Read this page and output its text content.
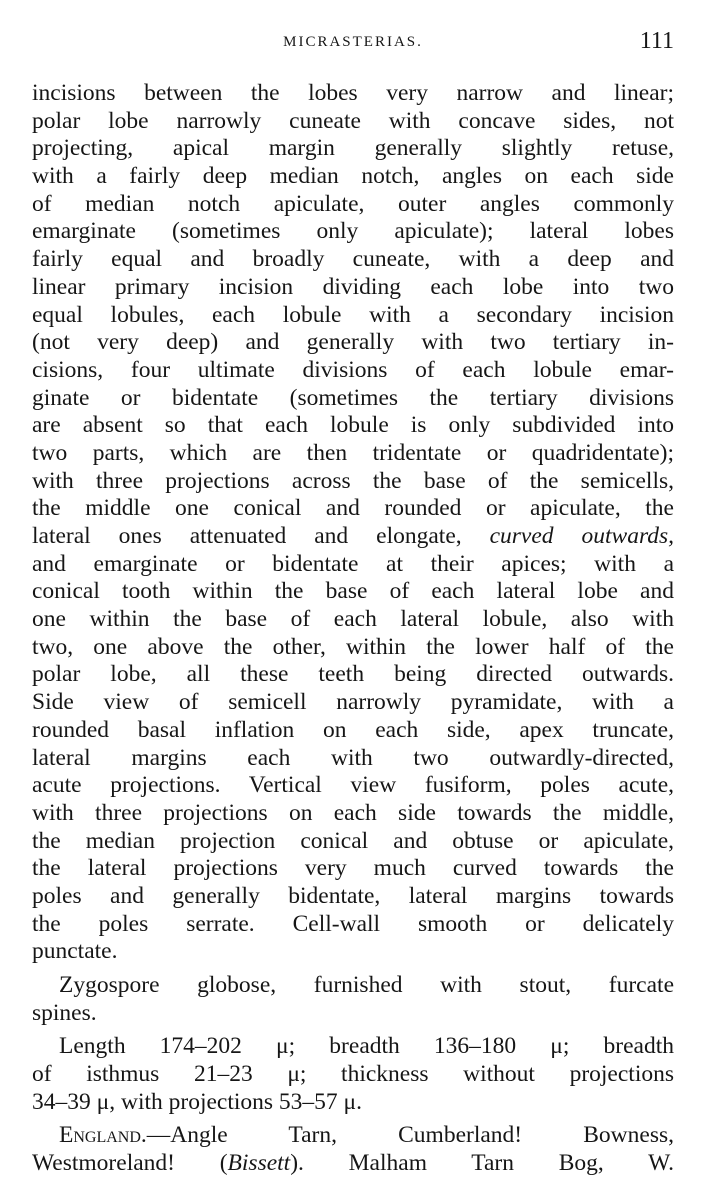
MICRASTERIAS.	111
incisions between the lobes very narrow and linear;
polar lobe narrowly cuneate with concave sides, not
projecting, apical margin generally slightly retuse,
with a fairly deep median notch, angles on each side
of median notch apiculate, outer angles commonly
emarginate (sometimes only apiculate); lateral lobes
fairly equal and broadly cuneate, with a deep and
linear primary incision dividing each lobe into two
equal lobules, each lobule with a secondary incision
(not very deep) and generally with two tertiary in-
cisions, four ultimate divisions of each lobule emar-
ginate or bidentate (sometimes the tertiary divisions
are absent so that each lobule is only subdivided into
two parts, which are then tridentate or quadridentate);
with three projections across the base of the semicells,
the middle one conical and rounded or apiculate, the
lateral ones attenuated and elongate, curved outwards,
and emarginate or bidentate at their apices; with a
conical tooth within the base of each lateral lobe and
one within the base of each lateral lobule, also with
two, one above the other, within the lower half of the
polar lobe, all these teeth being directed outwards.
Side view of semicell narrowly pyramidate, with a
rounded basal inflation on each side, apex truncate,
lateral margins each with two outwardly-directed,
acute projections. Vertical view fusiform, poles acute,
with three projections on each side towards the middle,
the median projection conical and obtuse or apiculate,
the lateral projections very much curved towards the
poles and generally bidentate, lateral margins towards
the poles serrate. Cell-wall smooth or delicately
punctate.
Zygospore globose, furnished with stout, furcate
spines.
Length 174–202 μ; breadth 136–180 μ; breadth
of isthmus 21–23 μ; thickness without projections
34–39 μ, with projections 53–57 μ.
England.—Angle Tarn, Cumberland! Bowness,
Westmoreland! (Bissett). Malham Tarn Bog, W.
